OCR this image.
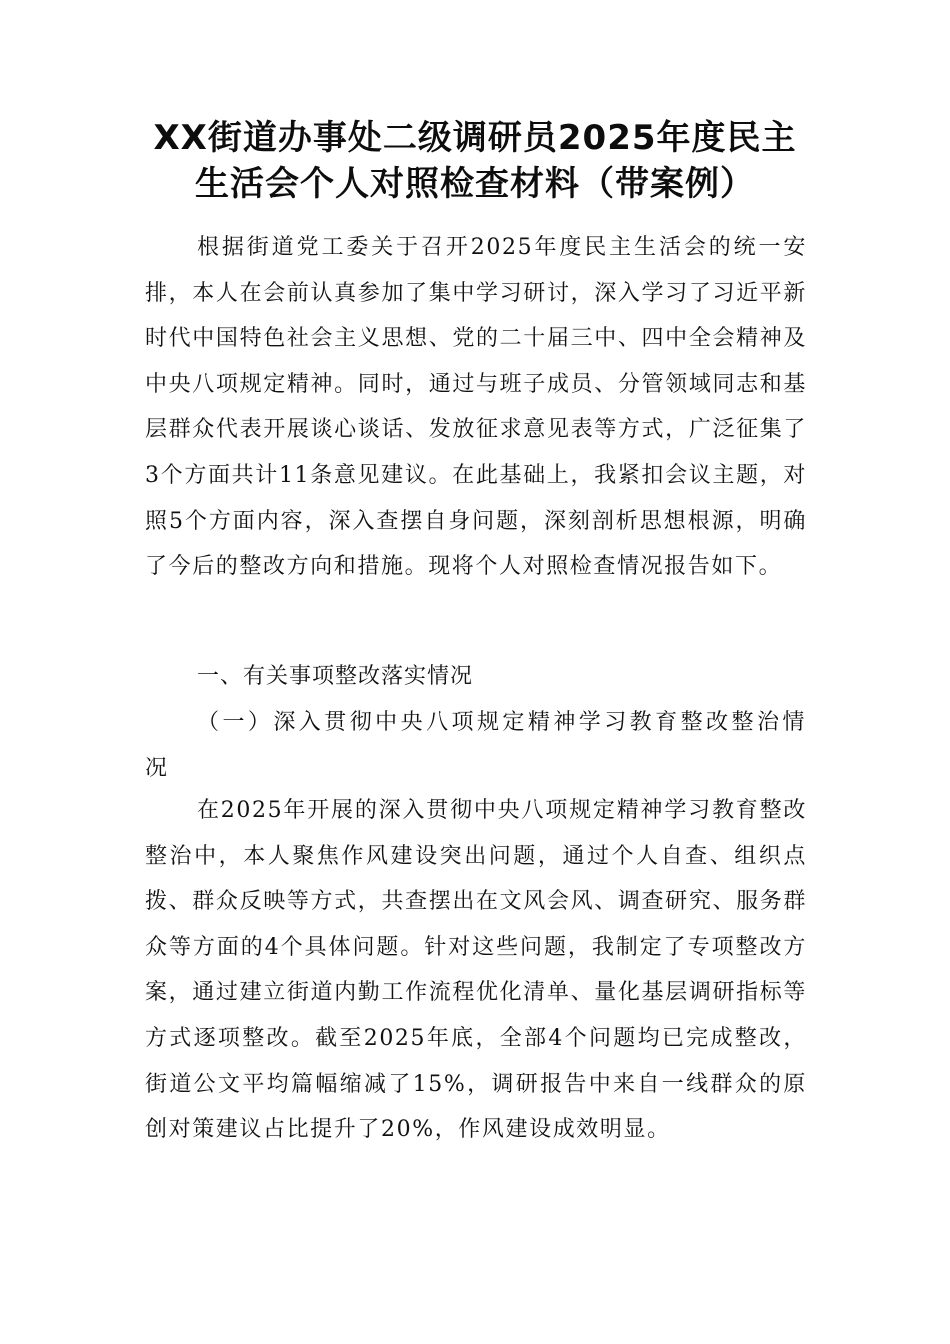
XX街道办事处二级调研员2025年度民主
生活会个人对照检查材料（带案例）

根据街道党工委关于召开2025年度民主生活会的统一安排，本人在会前认真参加了集中学习研讨，深入学习了习近平新时代中国特色社会主义思想、党的二十届三中、四中全会精神及中央八项规定精神。同时，通过与班子成员、分管领域同志和基层群众代表开展谈心谈话、发放征求意见表等方式，广泛征集了3个方面共计11条意见建议。在此基础上，我紧扣会议主题，对照5个方面内容，深入查摆自身问题，深刻剖析思想根源，明确了今后的整改方向和措施。现将个人对照检查情况报告如下。

一、有关事项整改落实情况

（一）深入贯彻中央八项规定精神学习教育整改整治情况

在2025年开展的深入贯彻中央八项规定精神学习教育整改整治中，本人聚焦作风建设突出问题，通过个人自查、组织点拨、群众反映等方式，共查摆出在文风会风、调查研究、服务群众等方面的4个具体问题。针对这些问题，我制定了专项整改方案，通过建立街道内勤工作流程优化清单、量化基层调研指标等方式逐项整改。截至2025年底，全部4个问题均已完成整改，街道公文平均篇幅缩减了15%，调研报告中来自一线群众的原创对策建议占比提升了20%，作风建设成效明显。
